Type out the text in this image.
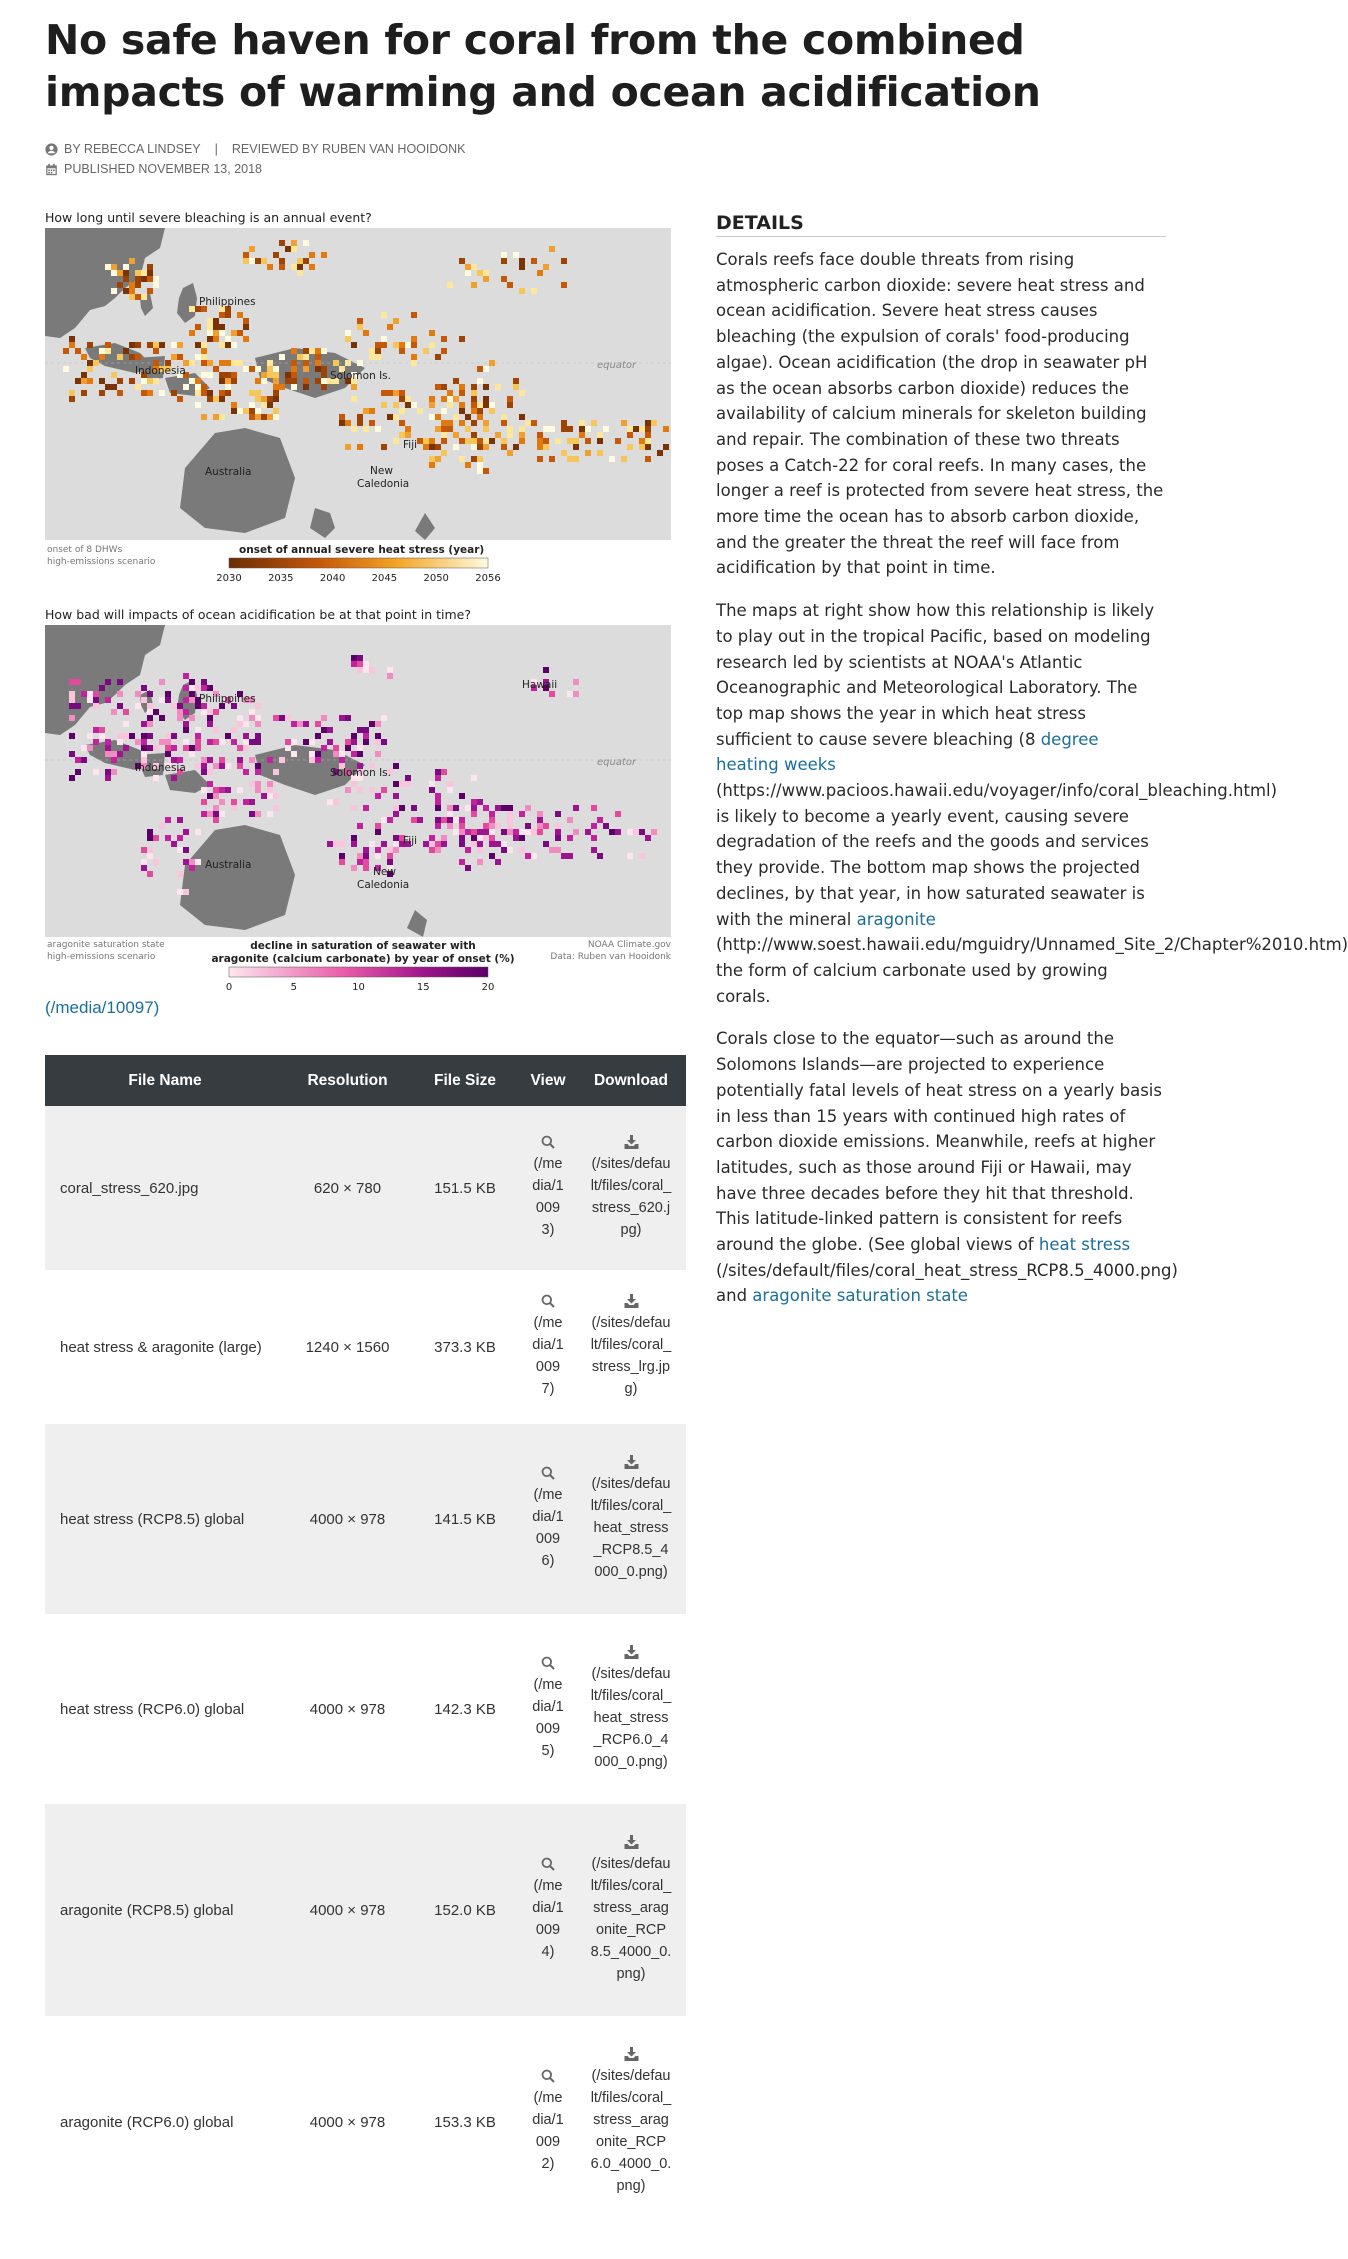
No safe haven for coral from the combined impacts of warming and ocean acidification
BY REBECCA LINDSEY | REVIEWED BY RUBEN VAN HOOIDONK
PUBLISHED NOVEMBER 13, 2018
How long until severe bleaching is an annual event?
Philippines
Indonesia	Solomon Is.
equator
Fiji
Australia	New
Caledonia
onset of 8 DHWs
high-emissions scenario
onset of annual severe heat stress (year)
2030	2035	2040	2045	2050	2056
How bad will impacts of ocean acidification be at that point in time?
Hawaii
Philippines
Indonesia	Solomon Is.
equator
Fiji
Australia
New
Caledonia
aragonite saturation state
high-emissions scenario
decline in saturation of seawater with
aragonite (calcium carbonate) by year of onset (%)
NOAA Climate.gov
Data: Ruben van Hooidonk
0	5	10	15	20
(/media/10097)
File Name	Resolution	File Size	View	Download
coral_stress_620.jpg	620 × 780	151.5 KB	(/media/10093)	(/sites/default/files/coral_stress_620.jpg)

heat stress & aragonite (large)	1240 × 1560	373.3 KB	(/media/10097)	(/sites/default/files/coral_stress_lrg.jpg)

heat stress (RCP8.5) global	4000 × 978	141.5 KB	(/media/10096)	(/sites/default/files/coral_heat_stress_RCP8.5_4000_0.png)

heat stress (RCP6.0) global	4000 × 978	142.3 KB	(/media/10095)	(/sites/default/files/coral_heat_stress_RCP6.0_4000_0.png)

aragonite (RCP8.5) global	4000 × 978	152.0 KB	(/media/10094)	(/sites/default/files/coral_stress_aragonite_RCP8.5_4000_0.png)

aragonite (RCP6.0) global	4000 × 978	153.3 KB	(/media/10092)	(/sites/default/files/coral_stress_aragonite_RCP6.0_4000_0.png)
DETAILS

Corals reefs face double threats from rising atmospheric carbon dioxide: severe heat stress and ocean acidification. Severe heat stress causes bleaching (the expulsion of corals' food-producing algae). Ocean acidification (the drop in seawater pH as the ocean absorbs carbon dioxide) reduces the availability of calcium minerals for skeleton building and repair. The combination of these two threats poses a Catch-22 for coral reefs. In many cases, the longer a reef is protected from severe heat stress, the more time the ocean has to absorb carbon dioxide, and the greater the threat the reef will face from acidification by that point in time.

The maps at right show how this relationship is likely to play out in the tropical Pacific, based on modeling research led by scientists at NOAA's Atlantic Oceanographic and Meteorological Laboratory. The top map shows the year in which heat stress sufficient to cause severe bleaching (8 degree heating weeks
(https://www.pacioos.hawaii.edu/voyager/info/coral_bleaching.html)
is likely to become a yearly event, causing severe degradation of the reefs and the goods and services they provide. The bottom map shows the projected declines, by that year, in how saturated seawater is with the mineral aragonite
(http://www.soest.hawaii.edu/mguidry/Unnamed_Site_2/Chapter%2010.htm)
the form of calcium carbonate used by growing corals.

Corals close to the equator—such as around the Solomons Islands—are projected to experience potentially fatal levels of heat stress on a yearly basis in less than 15 years with continued high rates of carbon dioxide emissions. Meanwhile, reefs at higher latitudes, such as those around Fiji or Hawaii, may have three decades before they hit that threshold. This latitude-linked pattern is consistent for reefs around the globe. (See global views of heat stress
(/sites/default/files/coral_heat_stress_RCP8.5_4000.png)
and aragonite saturation state
